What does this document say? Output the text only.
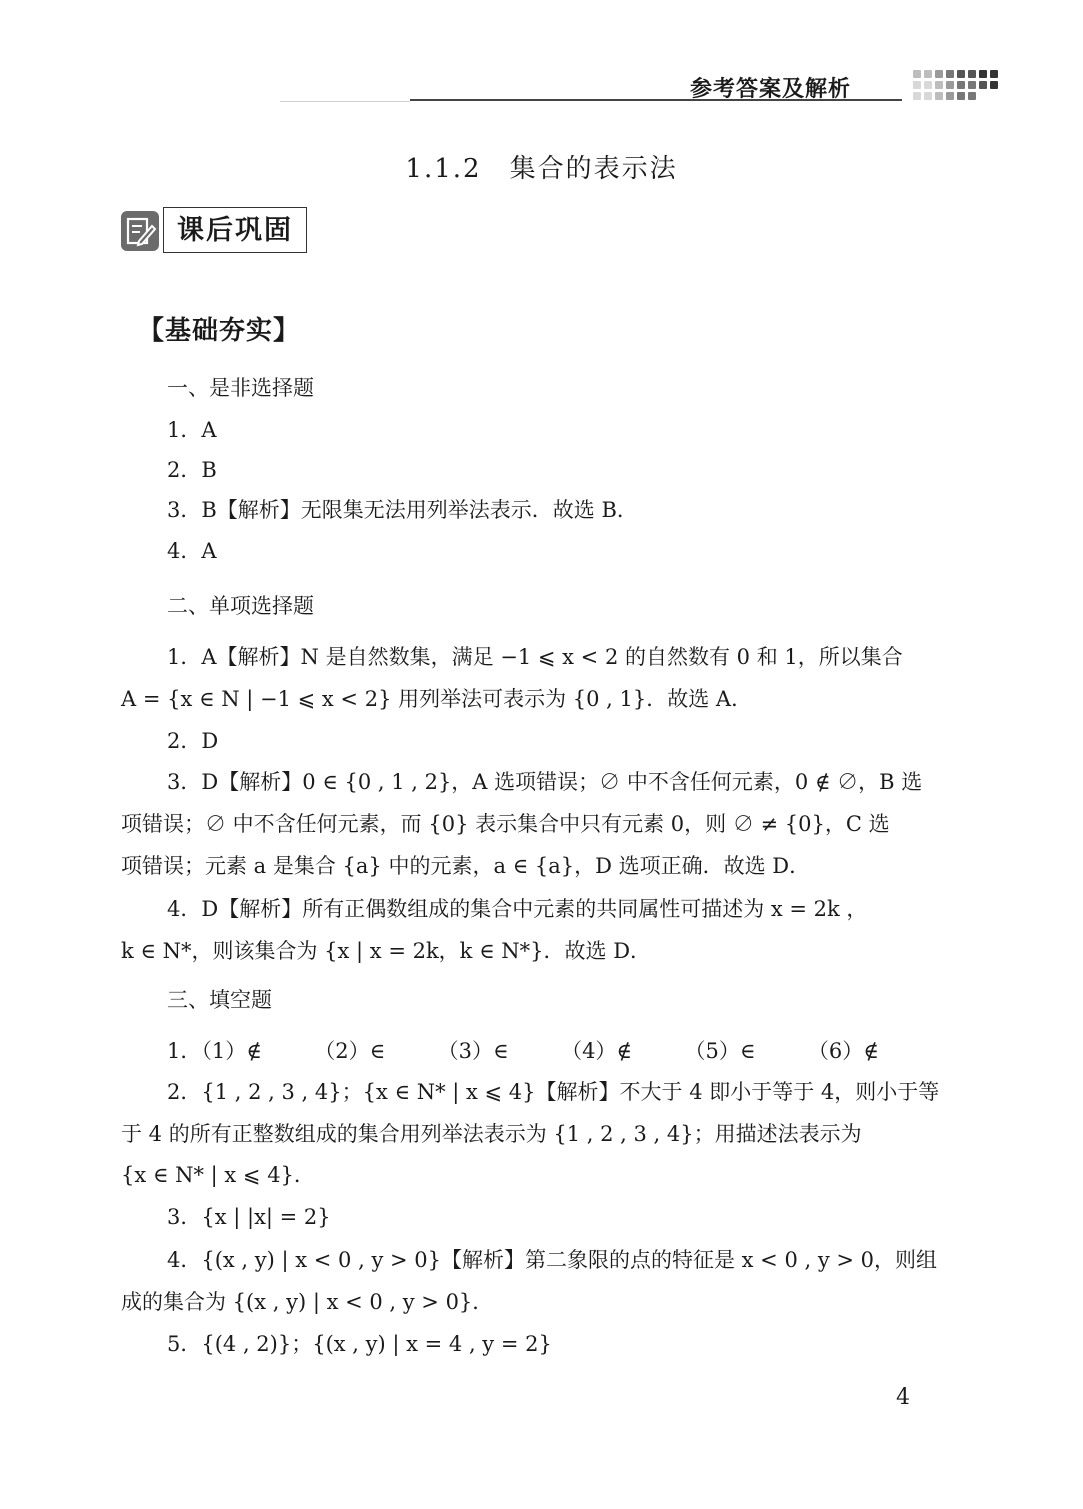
参考答案及解析
1.1.2　集合的表示法
课后巩固
【基础夯实】
一、是非选择题
1．A
2．B
3．B【解析】无限集无法用列举法表示．故选 B．
4．A
二、单项选择题
1．A【解析】N 是自然数集，满足 −1 ⩽ x < 2 的自然数有 0 和 1，所以集合
A = {x ∈ N | −1 ⩽ x < 2} 用列举法可表示为 {0 , 1}．故选 A．
2．D
3．D【解析】0 ∈ {0 , 1 , 2}，A 选项错误；∅ 中不含任何元素，0 ∉ ∅，B 选
项错误；∅ 中不含任何元素，而 {0} 表示集合中只有元素 0，则 ∅ ≠ {0}，C 选
项错误；元素 a 是集合 {a} 中的元素，a ∈ {a}，D 选项正确．故选 D．
4．D【解析】所有正偶数组成的集合中元素的共同属性可描述为 x = 2k ，
k ∈ N*，则该集合为 {x | x = 2k，k ∈ N*}．故选 D．
三、填空题
1．（1）∉　　　（2）∈　　　（3）∈　　　（4）∉　　　（5）∈　　　（6）∉
2．{1 , 2 , 3 , 4}；{x ∈ N* | x ⩽ 4}【解析】不大于 4 即小于等于 4，则小于等
于 4 的所有正整数组成的集合用列举法表示为 {1 , 2 , 3 , 4}；用描述法表示为
{x ∈ N* | x ⩽ 4}．
3．{x | |x| = 2}
4．{(x , y) | x < 0 , y > 0}【解析】第二象限的点的特征是 x < 0 , y > 0，则组
成的集合为 {(x , y) | x < 0 , y > 0}．
5．{(4 , 2)}；{(x , y) | x = 4 , y = 2}
4
